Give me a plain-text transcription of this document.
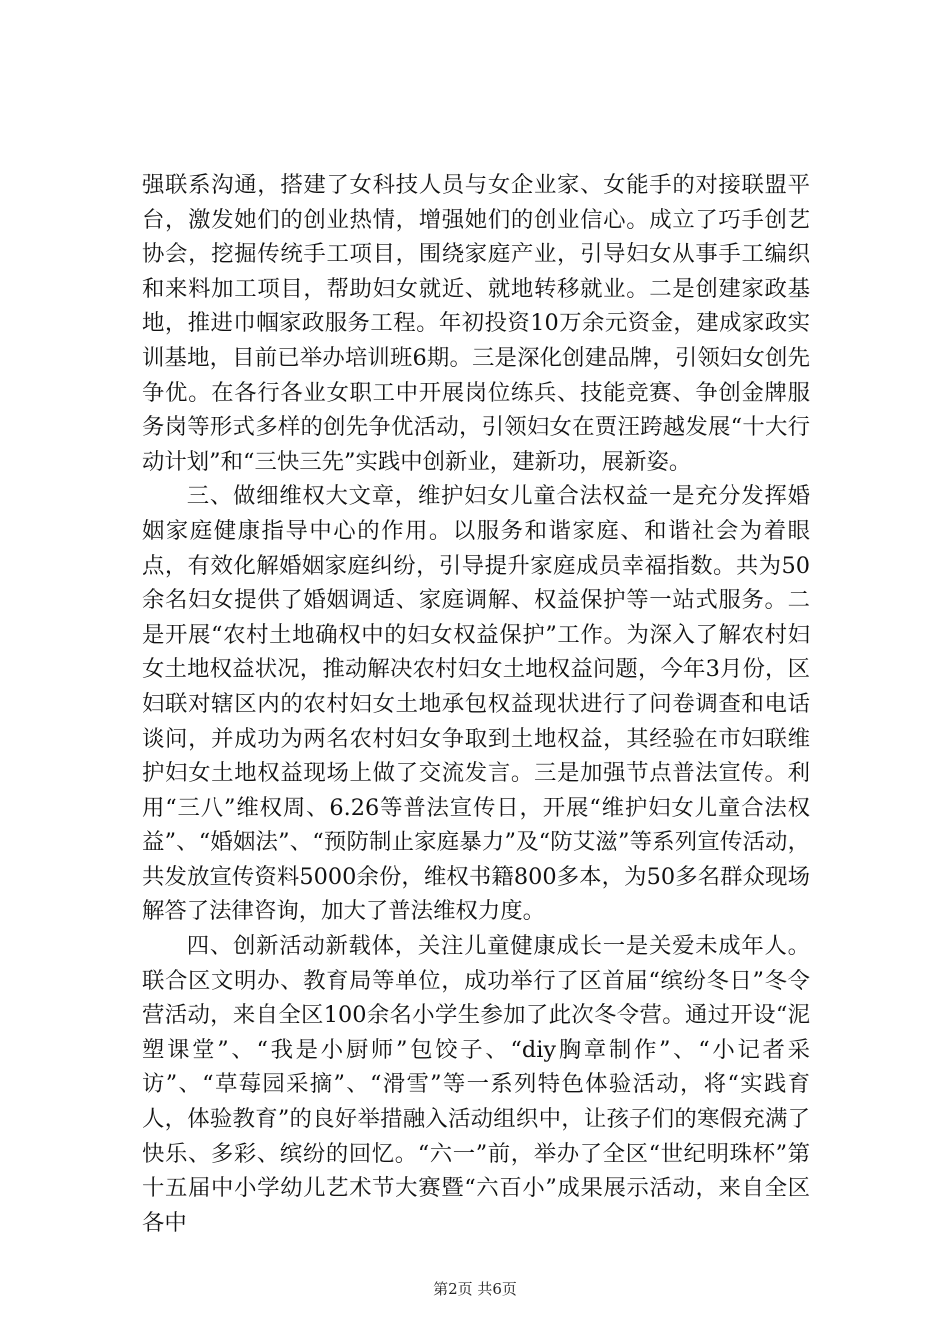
强联系沟通，搭建了女科技人员与女企业家、女能手的对接联盟平台，激发她们的创业热情，增强她们的创业信心。成立了巧手创艺协会，挖掘传统手工项目，围绕家庭产业，引导妇女从事手工编织和来料加工项目，帮助妇女就近、就地转移就业。二是创建家政基地，推进巾帼家政服务工程。年初投资10万余元资金，建成家政实训基地，目前已举办培训班6期。三是深化创建品牌，引领妇女创先争优。在各行各业女职工中开展岗位练兵、技能竞赛、争创金牌服务岗等形式多样的创先争优活动，引领妇女在贾汪跨越发展“十大行动计划”和“三快三先”实践中创新业，建新功，展新姿。

三、做细维权大文章，维护妇女儿童合法权益一是充分发挥婚姻家庭健康指导中心的作用。以服务和谐家庭、和谐社会为着眼点，有效化解婚姻家庭纠纷，引导提升家庭成员幸福指数。共为50余名妇女提供了婚姻调适、家庭调解、权益保护等一站式服务。二是开展“农村土地确权中的妇女权益保护”工作。为深入了解农村妇女土地权益状况，推动解决农村妇女土地权益问题，今年3月份，区妇联对辖区内的农村妇女土地承包权益现状进行了问卷调查和电话谈问，并成功为两名农村妇女争取到土地权益，其经验在市妇联维护妇女土地权益现场上做了交流发言。三是加强节点普法宣传。利用“三八”维权周、6.26等普法宣传日，开展“维护妇女儿童合法权益”、“婚姻法”、“预防制止家庭暴力”及“防艾滋”等系列宣传活动，共发放宣传资料5000余份，维权书籍800多本，为50多名群众现场解答了法律咨询，加大了普法维权力度。

四、创新活动新载体，关注儿童健康成长一是关爱未成年人。联合区文明办、教育局等单位，成功举行了区首届“缤纷冬日”冬令营活动，来自全区100余名小学生参加了此次冬令营。通过开设“泥塑课堂”、“我是小厨师”包饺子、“diy胸章制作”、“小记者采访”、“草莓园采摘”、“滑雪”等一系列特色体验活动，将“实践育人，体验教育”的良好举措融入活动组织中，让孩子们的寒假充满了快乐、多彩、缤纷的回忆。“六一”前，举办了全区“世纪明珠杯”第十五届中小学幼儿艺术节大赛暨“六百小”成果展示活动，来自全区各中

第2页 共6页
